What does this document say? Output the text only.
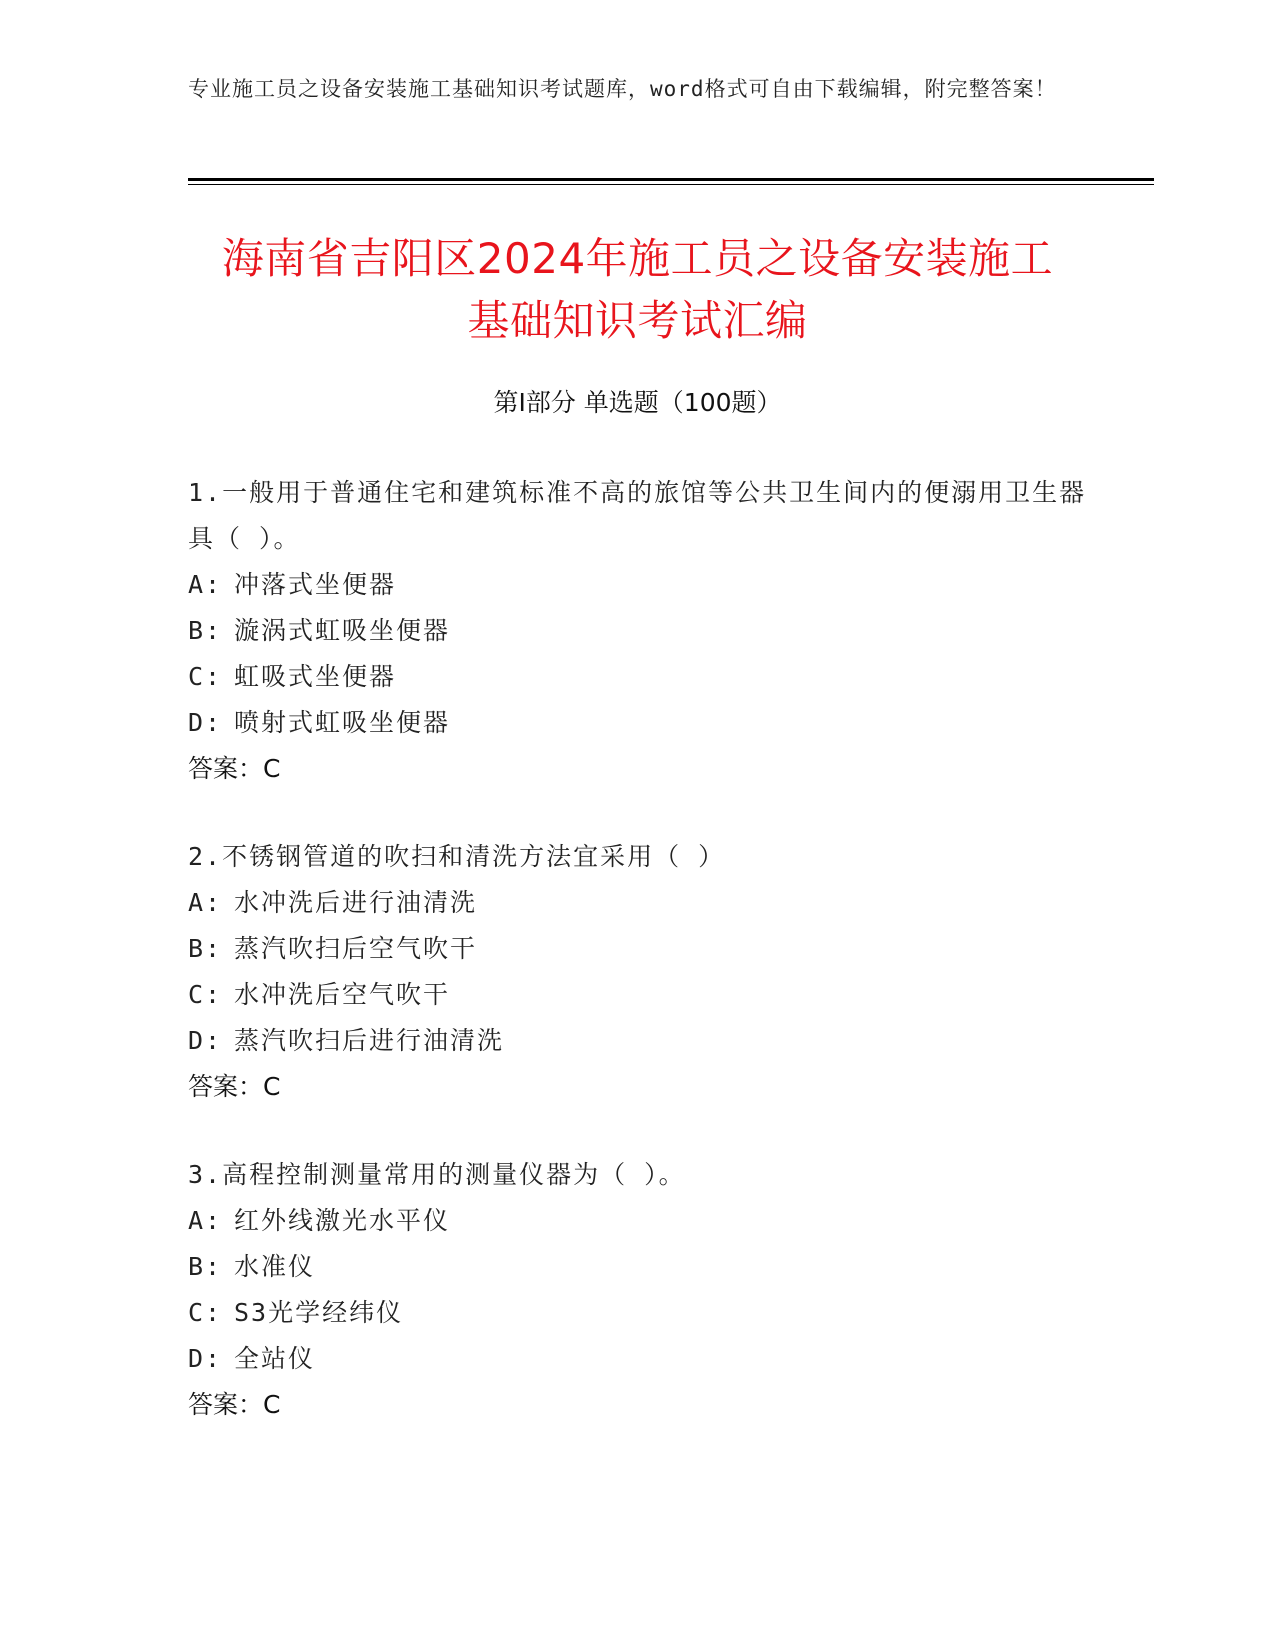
专业施工员之设备安装施工基础知识考试题库，word格式可自由下载编辑，附完整答案！
海南省吉阳区2024年施工员之设备安装施工
基础知识考试汇编
第Ⅰ部分 单选题（100题）
1.一般用于普通住宅和建筑标准不高的旅馆等公共卫生间内的便溺用卫生器具（ ）。
A: 冲落式坐便器
B: 漩涡式虹吸坐便器
C: 虹吸式坐便器
D: 喷射式虹吸坐便器
答案：C
2.不锈钢管道的吹扫和清洗方法宜采用（ ）
A: 水冲洗后进行油清洗
B: 蒸汽吹扫后空气吹干
C: 水冲洗后空气吹干
D: 蒸汽吹扫后进行油清洗
答案：C
3.高程控制测量常用的测量仪器为（ ）。
A: 红外线激光水平仪
B: 水准仪
C: S3光学经纬仪
D: 全站仪
答案：C
